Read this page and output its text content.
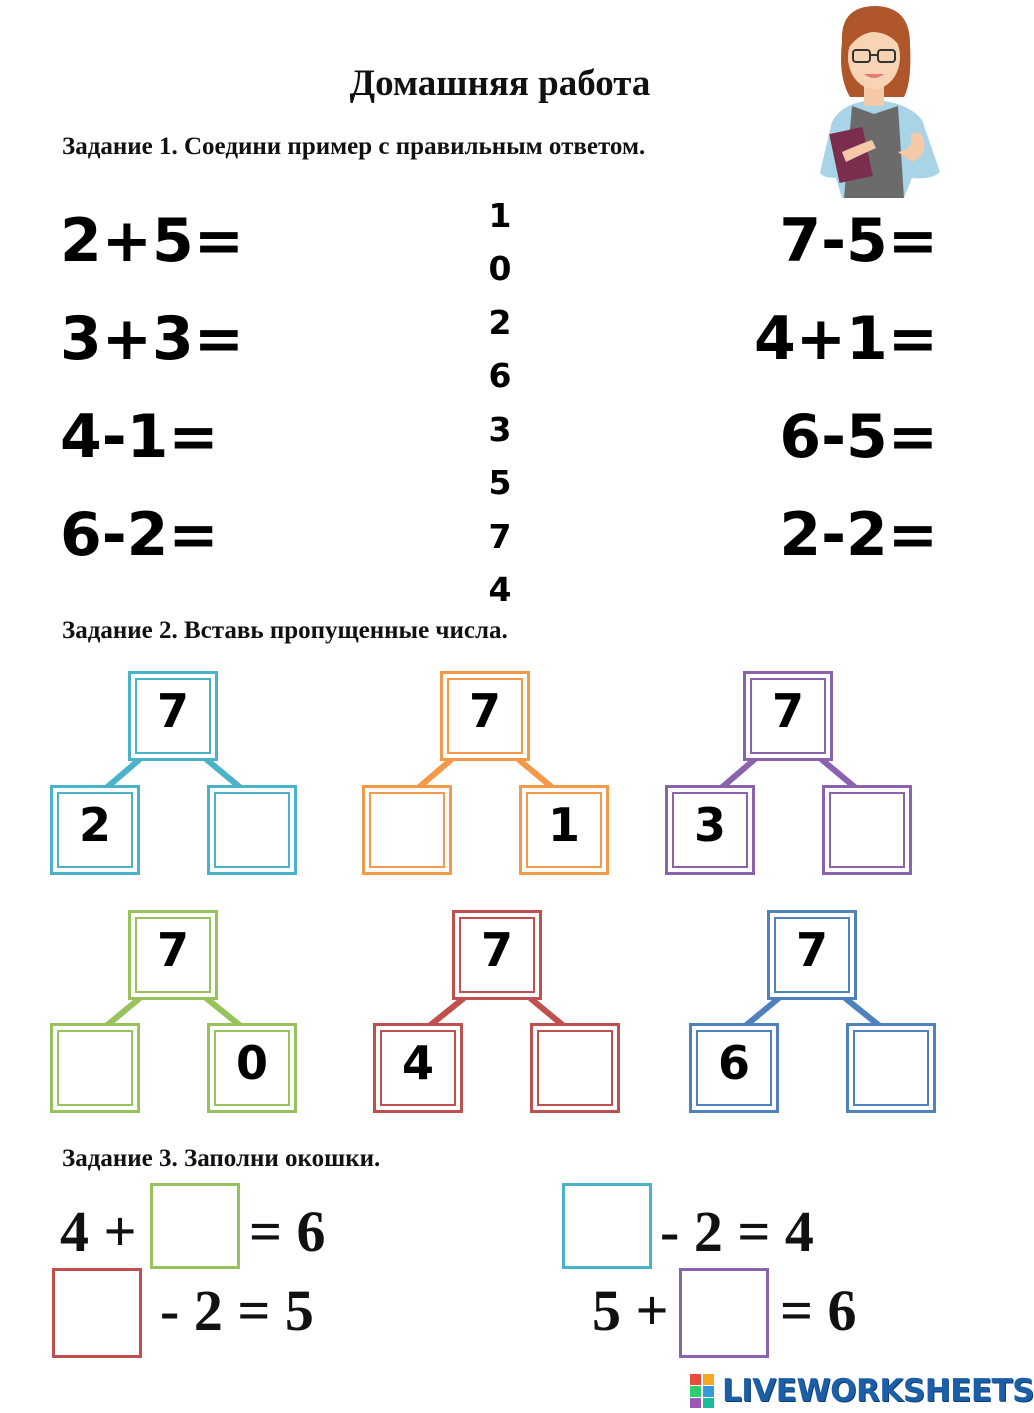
Домашняя работа
Задание 1. Соедини пример с правильным ответом.
2+5=
3+3=
4-1=
6-2=
7-5=
4+1=
6-5=
2-2=
1
0
2
6
3
5
7
4
Задание 2. Вставь пропущенные числа.
7
2
7
1
7
3
7
0
7
4
7
6
Задание 3. Заполни окошки.
4 + = 6	- 2 = 4
- 2 = 5	5 + = 6
LIVEWORKSHEETS
